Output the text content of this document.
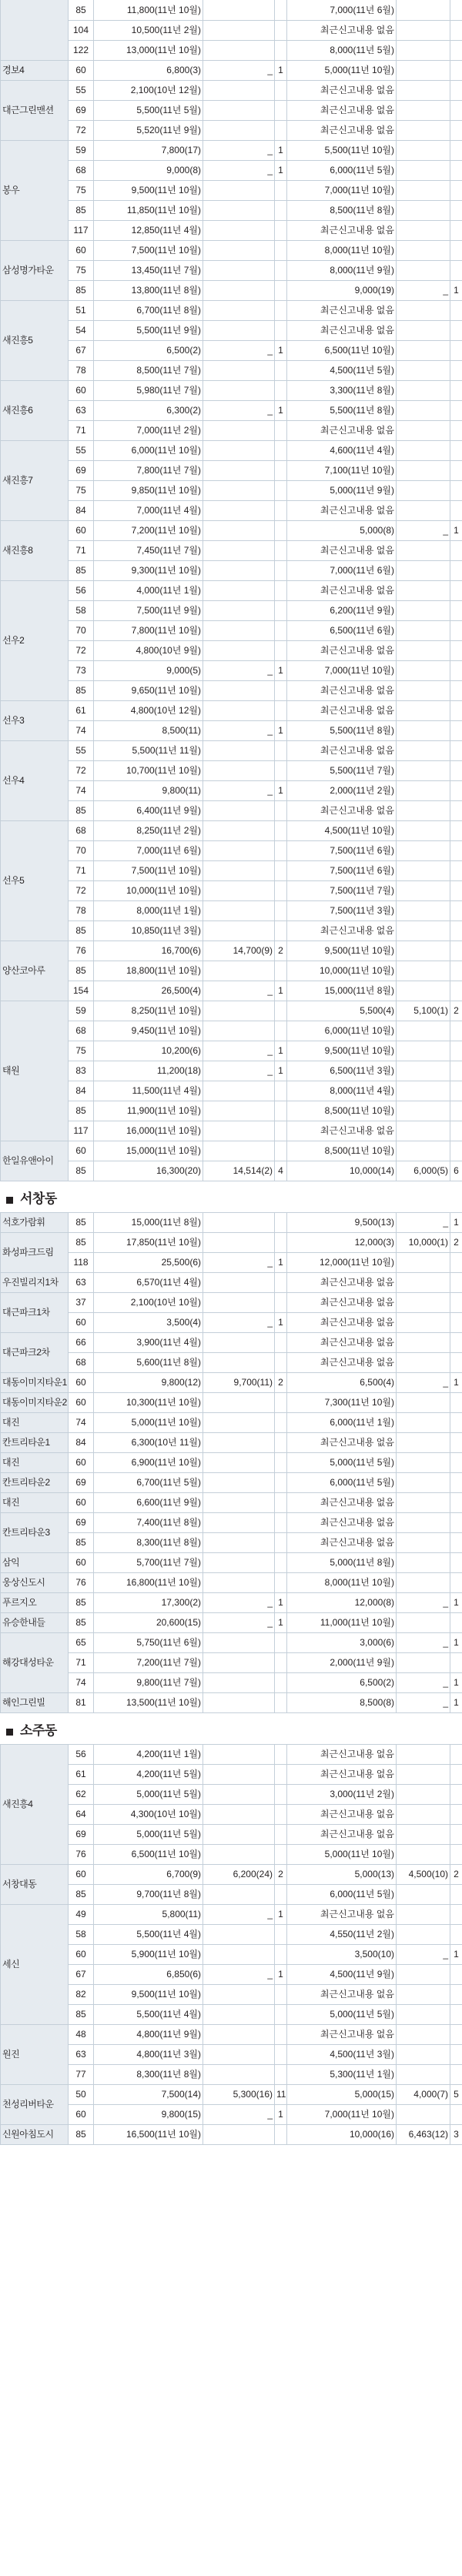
	85	11,800(11년 10월)			7,000(11년 6월)		
	104	10,500(11년 2월)			최근신고내용 없음		
	122	13,000(11년 10월)			8,000(11년 5월)		
경보4	60	6,800(3)	_	1	5,000(11년 10월)		
대근그린맨션	55	2,100(10년 12월)			최근신고내용 없음		
	69	5,500(11년 5월)			최근신고내용 없음		
	72	5,520(11년 9월)			최근신고내용 없음		
봉우	59	7,800(17)	_	1	5,500(11년 10월)		
	68	9,000(8)	_	1	6,000(11년 5월)		
	75	9,500(11년 10월)			7,000(11년 10월)		
	85	11,850(11년 10월)			8,500(11년 8월)		
	117	12,850(11년 4월)			최근신고내용 없음		
삼성명가타운	60	7,500(11년 10월)			8,000(11년 10월)		
	75	13,450(11년 7월)			8,000(11년 9월)		
	85	13,800(11년 8월)			9,000(19)	_	1
새진흥5	51	6,700(11년 8월)			최근신고내용 없음		
	54	5,500(11년 9월)			최근신고내용 없음		
	67	6,500(2)	_	1	6,500(11년 10월)		
	78	8,500(11년 7월)			4,500(11년 5월)		
새진흥6	60	5,980(11년 7월)			3,300(11년 8월)		
	63	6,300(2)	_	1	5,500(11년 8월)		
	71	7,000(11년 2월)			최근신고내용 없음		
새진흥7	55	6,000(11년 10월)			4,600(11년 4월)		
	69	7,800(11년 7월)			7,100(11년 10월)		
	75	9,850(11년 10월)			5,000(11년 9월)		
	84	7,000(11년 4월)			최근신고내용 없음		
새진흥8	60	7,200(11년 10월)			5,000(8)	_	1
	71	7,450(11년 7월)			최근신고내용 없음		
	85	9,300(11년 10월)			7,000(11년 6월)		
선우2	56	4,000(11년 1월)			최근신고내용 없음		
	58	7,500(11년 9월)			6,200(11년 9월)		
	70	7,800(11년 10월)			6,500(11년 6월)		
	72	4,800(10년 9월)			최근신고내용 없음		
	73	9,000(5)	_	1	7,000(11년 10월)		
	85	9,650(11년 10월)			최근신고내용 없음		
선우3	61	4,800(10년 12월)			최근신고내용 없음		
	74	8,500(11)	_	1	5,500(11년 8월)		
선우4	55	5,500(11년 11월)			최근신고내용 없음		
	72	10,700(11년 10월)			5,500(11년 7월)		
	74	9,800(11)	_	1	2,000(11년 2월)		
	85	6,400(11년 9월)			최근신고내용 없음		
선우5	68	8,250(11년 2월)			4,500(11년 10월)		
	70	7,000(11년 6월)			7,500(11년 6월)		
	71	7,500(11년 10월)			7,500(11년 6월)		
	72	10,000(11년 10월)			7,500(11년 7월)		
	78	8,000(11년 1월)			7,500(11년 3월)		
	85	10,850(11년 3월)			최근신고내용 없음		
양산코아루	76	16,700(6)	14,700(9)	2	9,500(11년 10월)		
	85	18,800(11년 10월)			10,000(11년 10월)		
	154	26,500(4)	_	1	15,000(11년 8월)		
태원	59	8,250(11년 10월)			5,500(4)	5,100(1)	2
	68	9,450(11년 10월)			6,000(11년 10월)		
	75	10,200(6)	_	1	9,500(11년 10월)		
	83	11,200(18)	_	1	6,500(11년 3월)		
	84	11,500(11년 4월)			8,000(11년 4월)		
	85	11,900(11년 10월)			8,500(11년 10월)		
	117	16,000(11년 10월)			최근신고내용 없음		
한일유앤아이	60	15,000(11년 10월)			8,500(11년 10월)		
	85	16,300(20)	14,514(2)	4	10,000(14)	6,000(5)	6
서창동
석호가람휘	85	15,000(11년 8월)			9,500(13)	_	1
화성파크드림	85	17,850(11년 10월)			12,000(3)	10,000(1)	2
	118	25,500(6)	_	1	12,000(11년 10월)		
우진빌리지1차	63	6,570(11년 4월)			최근신고내용 없음		
대근파크1차	37	2,100(10년 10월)			최근신고내용 없음		
	60	3,500(4)	_	1	최근신고내용 없음		
대근파크2차	66	3,900(11년 4월)			최근신고내용 없음		
	68	5,600(11년 8월)			최근신고내용 없음		
대동이미지타운1	60	9,800(12)	9,700(11)	2	6,500(4)	_	1
대동이미지타운2	60	10,300(11년 10월)			7,300(11년 10월)		
대진	74	5,000(11년 10월)			6,000(11년 1월)		
칸트리타운1	84	6,300(10년 11월)			최근신고내용 없음		
대진	60	6,900(11년 10월)			5,000(11년 5월)		
칸트리타운2	69	6,700(11년 5월)			6,000(11년 5월)		
대진	60	6,600(11년 9월)			최근신고내용 없음		
칸트리타운3	69	7,400(11년 8월)			최근신고내용 없음		
	85	8,300(11년 8월)			최근신고내용 없음		
삼익	60	5,700(11년 7월)			5,000(11년 8월)		
웅상신도시	76	16,800(11년 10월)			8,000(11년 10월)		
푸르지오	85	17,300(2)	_	1	12,000(8)	_	1
유승한내들	85	20,600(15)	_	1	11,000(11년 10월)		
해강대성타운	65	5,750(11년 6월)			3,000(6)	_	1
	71	7,200(11년 7월)			2,000(11년 9월)		
	74	9,800(11년 7월)			6,500(2)	_	1
해인그린빌	81	13,500(11년 10월)			8,500(8)	_	1
소주동
새진흥4	56	4,200(11년 1월)			최근신고내용 없음		
	61	4,200(11년 5월)			최근신고내용 없음		
	62	5,000(11년 5월)			3,000(11년 2월)		
	64	4,300(10년 10월)			최근신고내용 없음		
	69	5,000(11년 5월)			최근신고내용 없음		
	76	6,500(11년 10월)			5,000(11년 10월)		
서창대동	60	6,700(9)	6,200(24)	2	5,000(13)	4,500(10)	2
	85	9,700(11년 8월)			6,000(11년 5월)		
세신	49	5,800(11)	_	1	최근신고내용 없음		
	58	5,500(11년 4월)			4,550(11년 2월)		
	60	5,900(11년 10월)			3,500(10)	_	1
	67	6,850(6)	_	1	4,500(11년 9월)		
	82	9,500(11년 10월)			최근신고내용 없음		
	85	5,500(11년 4월)			5,000(11년 5월)		
원진	48	4,800(11년 9월)			최근신고내용 없음		
	63	4,800(11년 3월)			4,500(11년 3월)		
	77	8,300(11년 8월)			5,300(11년 1월)		
천성리버타운	50	7,500(14)	5,300(16)	11	5,000(15)	4,000(7)	5
	60	9,800(15)	_	1	7,000(11년 10월)		
신원아침도시	85	16,500(11년 10월)			10,000(16)	6,463(12)	3
